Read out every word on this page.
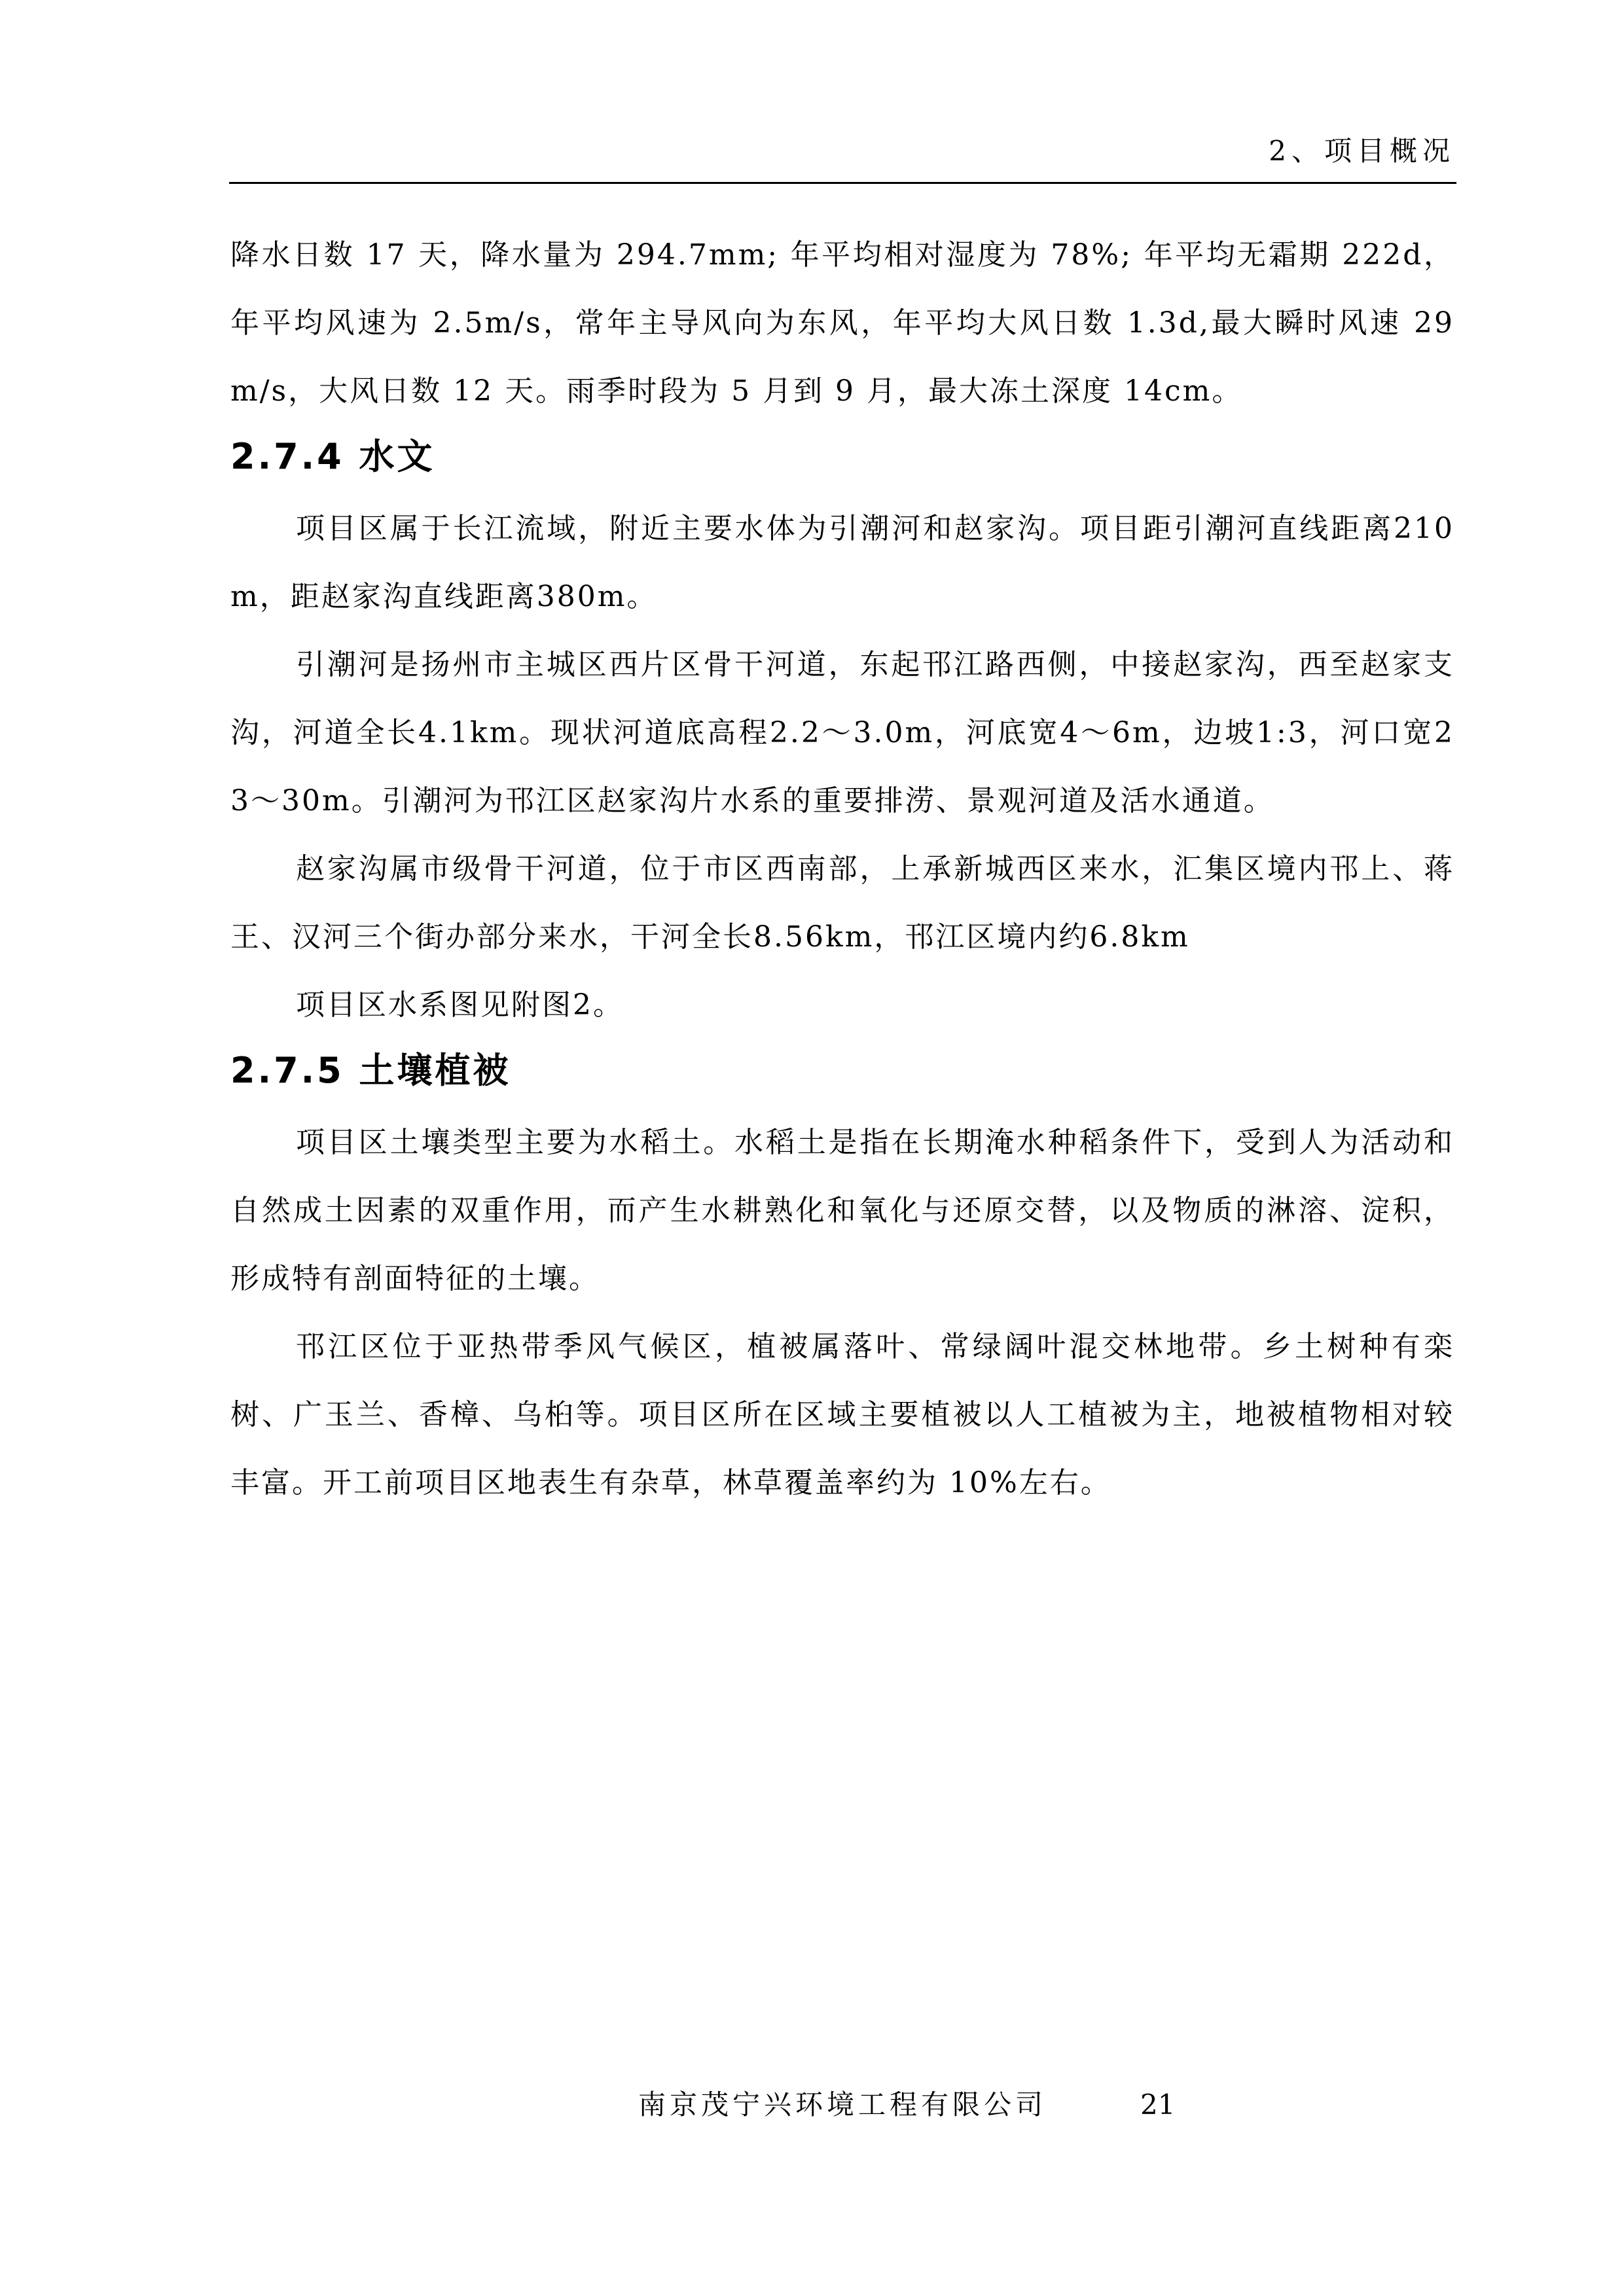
2、项目概况

降水日数 17 天，降水量为 294.7mm; 年平均相对湿度为 78%; 年平均无霜期 222d，年平均风速为 2.5m/s，常年主导风向为东风，年平均大风日数 1.3d,最大瞬时风速 29m/s，大风日数 12 天。雨季时段为 5 月到 9 月，最大冻土深度 14cm。

2.7.4 水文

项目区属于长江流域，附近主要水体为引潮河和赵家沟。项目距引潮河直线距离210m，距赵家沟直线距离380m。

引潮河是扬州市主城区西片区骨干河道，东起邗江路西侧，中接赵家沟，西至赵家支沟，河道全长4.1km。现状河道底高程2.2～3.0m，河底宽4～6m，边坡1:3，河口宽23～30m。引潮河为邗江区赵家沟片水系的重要排涝、景观河道及活水通道。

赵家沟属市级骨干河道，位于市区西南部，上承新城西区来水，汇集区境内邗上、蒋王、汉河三个街办部分来水，干河全长8.56km，邗江区境内约6.8km

项目区水系图见附图2。

2.7.5 土壤植被

项目区土壤类型主要为水稻土。水稻土是指在长期淹水种稻条件下，受到人为活动和自然成土因素的双重作用，而产生水耕熟化和氧化与还原交替，以及物质的淋溶、淀积，形成特有剖面特征的土壤。

邗江区位于亚热带季风气候区，植被属落叶、常绿阔叶混交林地带。乡土树种有栾树、广玉兰、香樟、乌桕等。项目区所在区域主要植被以人工植被为主，地被植物相对较丰富。开工前项目区地表生有杂草，林草覆盖率约为 10%左右。

南京茂宁兴环境工程有限公司	21
